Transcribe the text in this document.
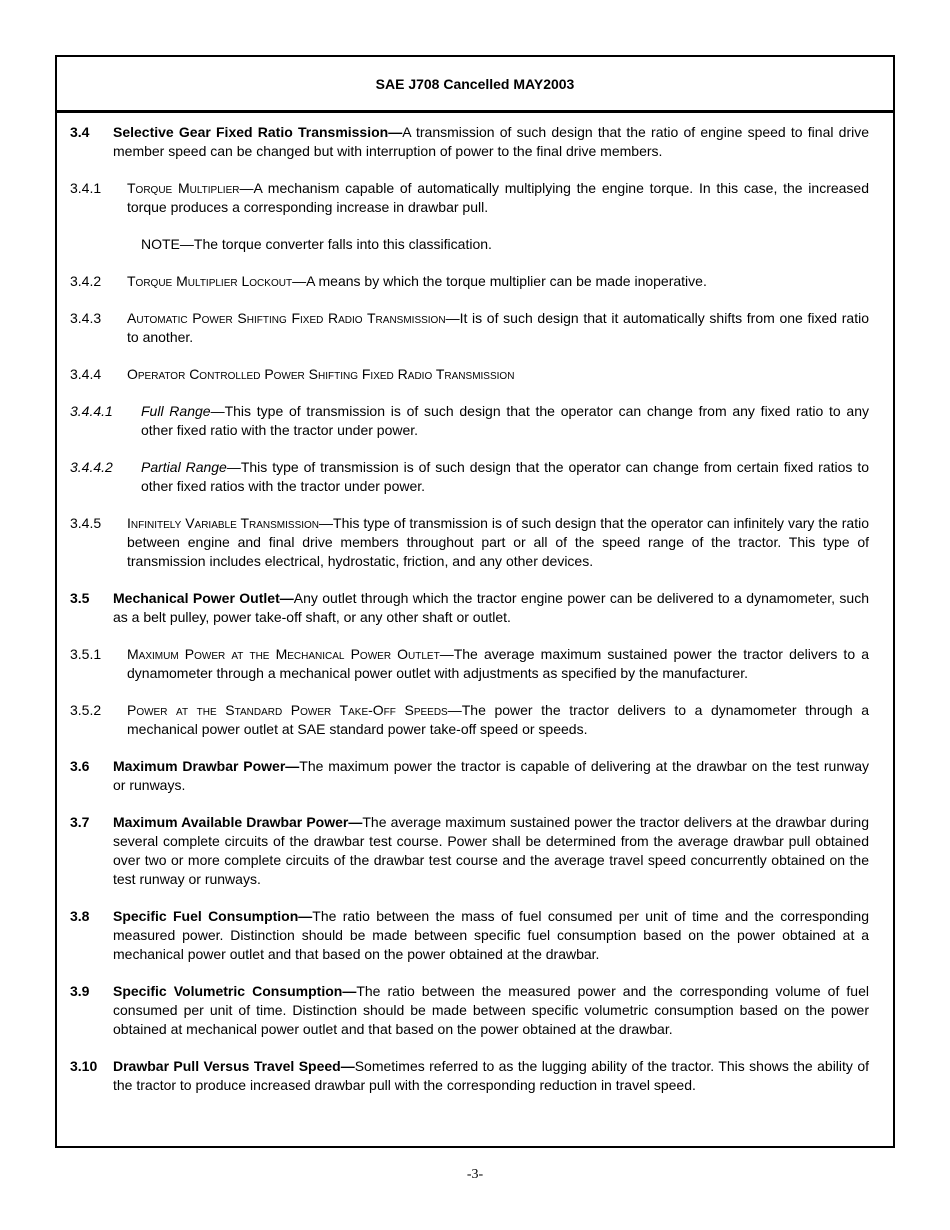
SAE J708 Cancelled MAY2003
3.4 Selective Gear Fixed Ratio Transmission—A transmission of such design that the ratio of engine speed to final drive member speed can be changed but with interruption of power to the final drive members.
3.4.1 Torque Multiplier—A mechanism capable of automatically multiplying the engine torque. In this case, the increased torque produces a corresponding increase in drawbar pull.
NOTE—The torque converter falls into this classification.
3.4.2 Torque Multiplier Lockout—A means by which the torque multiplier can be made inoperative.
3.4.3 Automatic Power Shifting Fixed Radio Transmission—It is of such design that it automatically shifts from one fixed ratio to another.
3.4.4 Operator Controlled Power Shifting Fixed Radio Transmission
3.4.4.1 Full Range—This type of transmission is of such design that the operator can change from any fixed ratio to any other fixed ratio with the tractor under power.
3.4.4.2 Partial Range—This type of transmission is of such design that the operator can change from certain fixed ratios to other fixed ratios with the tractor under power.
3.4.5 Infinitely Variable Transmission—This type of transmission is of such design that the operator can infinitely vary the ratio between engine and final drive members throughout part or all of the speed range of the tractor. This type of transmission includes electrical, hydrostatic, friction, and any other devices.
3.5 Mechanical Power Outlet—Any outlet through which the tractor engine power can be delivered to a dynamometer, such as a belt pulley, power take-off shaft, or any other shaft or outlet.
3.5.1 Maximum Power at the Mechanical Power Outlet—The average maximum sustained power the tractor delivers to a dynamometer through a mechanical power outlet with adjustments as specified by the manufacturer.
3.5.2 Power at the Standard Power Take-Off Speeds—The power the tractor delivers to a dynamometer through a mechanical power outlet at SAE standard power take-off speed or speeds.
3.6 Maximum Drawbar Power—The maximum power the tractor is capable of delivering at the drawbar on the test runway or runways.
3.7 Maximum Available Drawbar Power—The average maximum sustained power the tractor delivers at the drawbar during several complete circuits of the drawbar test course. Power shall be determined from the average drawbar pull obtained over two or more complete circuits of the drawbar test course and the average travel speed concurrently obtained on the test runway or runways.
3.8 Specific Fuel Consumption—The ratio between the mass of fuel consumed per unit of time and the corresponding measured power. Distinction should be made between specific fuel consumption based on the power obtained at a mechanical power outlet and that based on the power obtained at the drawbar.
3.9 Specific Volumetric Consumption—The ratio between the measured power and the corresponding volume of fuel consumed per unit of time. Distinction should be made between specific volumetric consumption based on the power obtained at mechanical power outlet and that based on the power obtained at the drawbar.
3.10 Drawbar Pull Versus Travel Speed—Sometimes referred to as the lugging ability of the tractor. This shows the ability of the tractor to produce increased drawbar pull with the corresponding reduction in travel speed.
-3-
